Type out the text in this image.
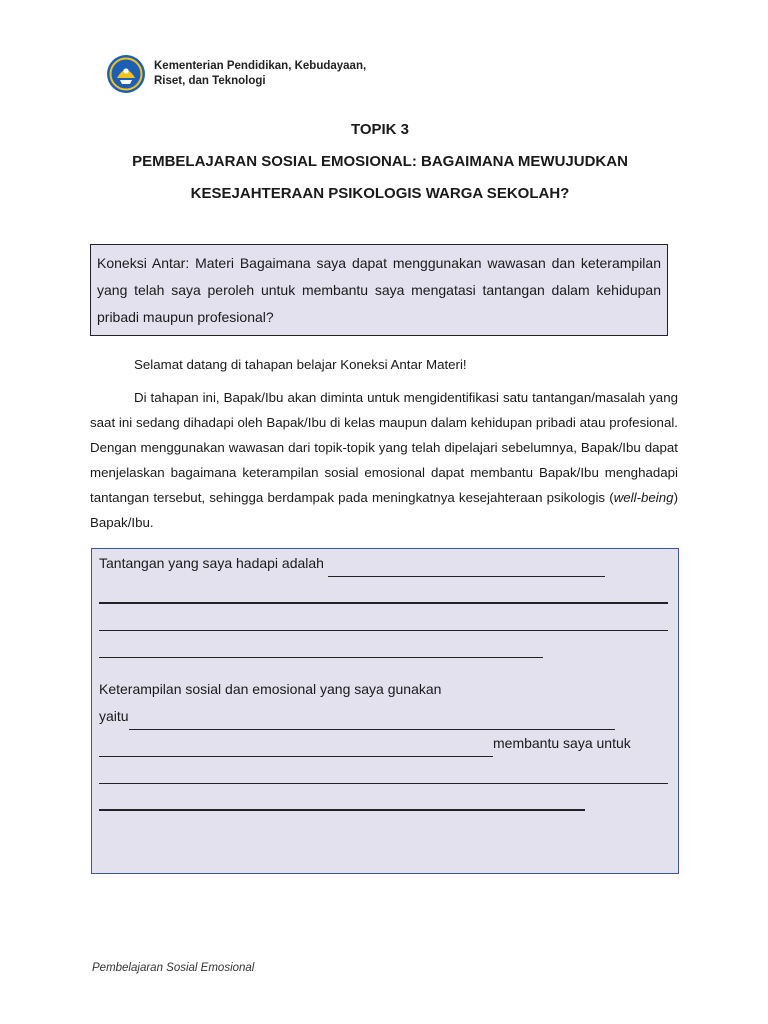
Kementerian Pendidikan, Kebudayaan,
Riset, dan Teknologi
TOPIK 3
PEMBELAJARAN SOSIAL EMOSIONAL: BAGAIMANA MEWUJUDKAN
KESEJAHTERAAN PSIKOLOGIS WARGA SEKOLAH?
Koneksi Antar: Materi Bagaimana saya dapat menggunakan wawasan dan keterampilan yang telah saya peroleh untuk membantu saya mengatasi tantangan dalam kehidupan pribadi maupun profesional?

Selamat datang di tahapan belajar Koneksi Antar Materi!

Di tahapan ini, Bapak/Ibu akan diminta untuk mengidentifikasi satu tantangan/masalah yang saat ini sedang dihadapi oleh Bapak/Ibu di kelas maupun dalam kehidupan pribadi atau profesional. Dengan menggunakan wawasan dari topik-topik yang telah dipelajari sebelumnya, Bapak/Ibu dapat menjelaskan bagaimana keterampilan sosial emosional dapat membantu Bapak/Ibu menghadapi tantangan tersebut, sehingga berdampak pada meningkatnya kesejahteraan psikologis (well-being) Bapak/Ibu.

Tantangan yang saya hadapi adalah
Keterampilan sosial dan emosional yang saya gunakan
yaitu
membantu saya untuk
Pembelajaran Sosial Emosional
